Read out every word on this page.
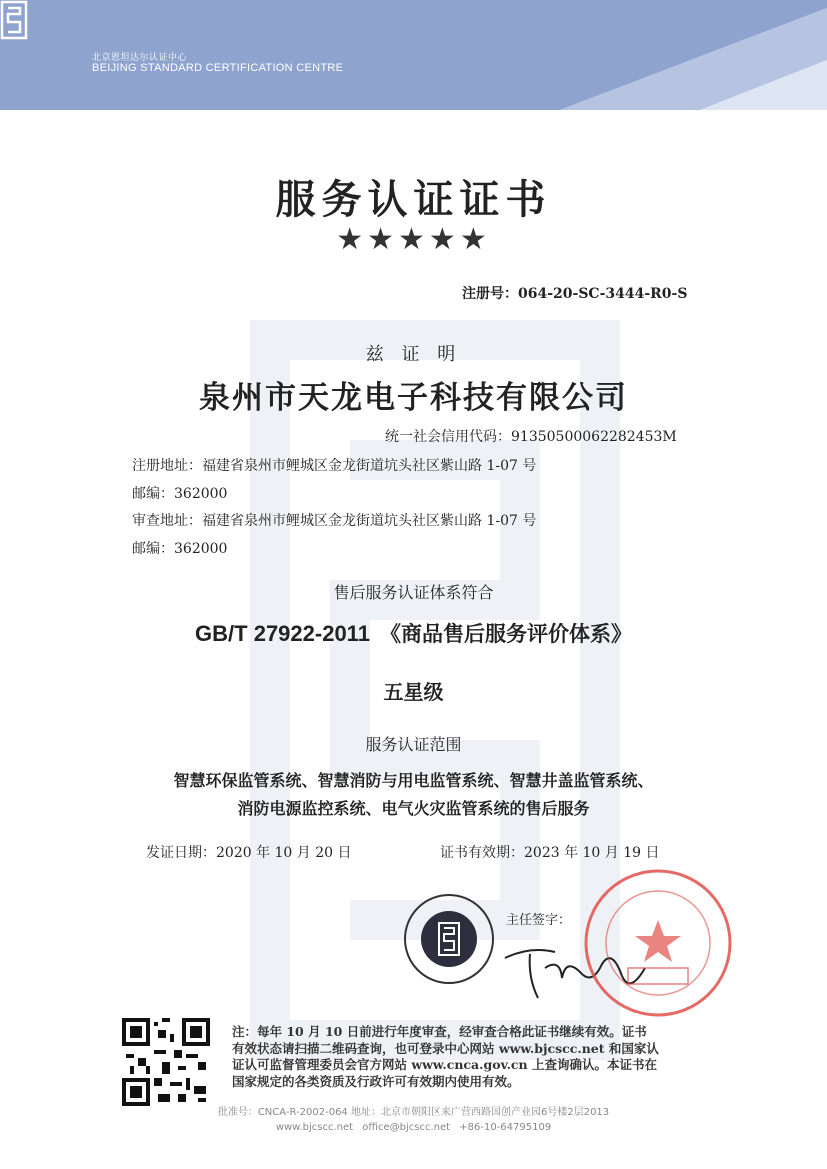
北京恩坦达尔认证中心
BEIJING STANDARD CERTIFICATION CENTRE
服务认证证书
★★★★★
注册号：064-20-SC-3444-R0-S
兹 证 明
泉州市天龙电子科技有限公司
统一社会信用代码：91350500062282453M
注册地址：福建省泉州市鲤城区金龙街道坑头社区紫山路 1-07 号
邮编：362000
审查地址：福建省泉州市鲤城区金龙街道坑头社区紫山路 1-07 号
邮编：362000
售后服务认证体系符合
GB/T 27922-2011 《商品售后服务评价体系》
五星级
服务认证范围
智慧环保监管系统、智慧消防与用电监管系统、智慧井盖监管系统、
消防电源监控系统、电气火灾监管系统的售后服务
发证日期：2020 年 10 月 20 日	证书有效期：2023 年 10 月 19 日
主任签字：
注：每年 10 月 10 日前进行年度审查，经审查合格此证书继续有效。证书
有效状态请扫描二维码查询，也可登录中心网站 www.bjcscc.net 和国家认
证认可监督管理委员会官方网站 www.cnca.gov.cn 上查询确认。本证书在
国家规定的各类资质及行政许可有效期内使用有效。
批准号：CNCA-R-2002-064 地址：北京市朝阳区来广营西路国创产业园6号楼2层2013
www.bjcscc.net office@bjcscc.net +86-10-64795109
